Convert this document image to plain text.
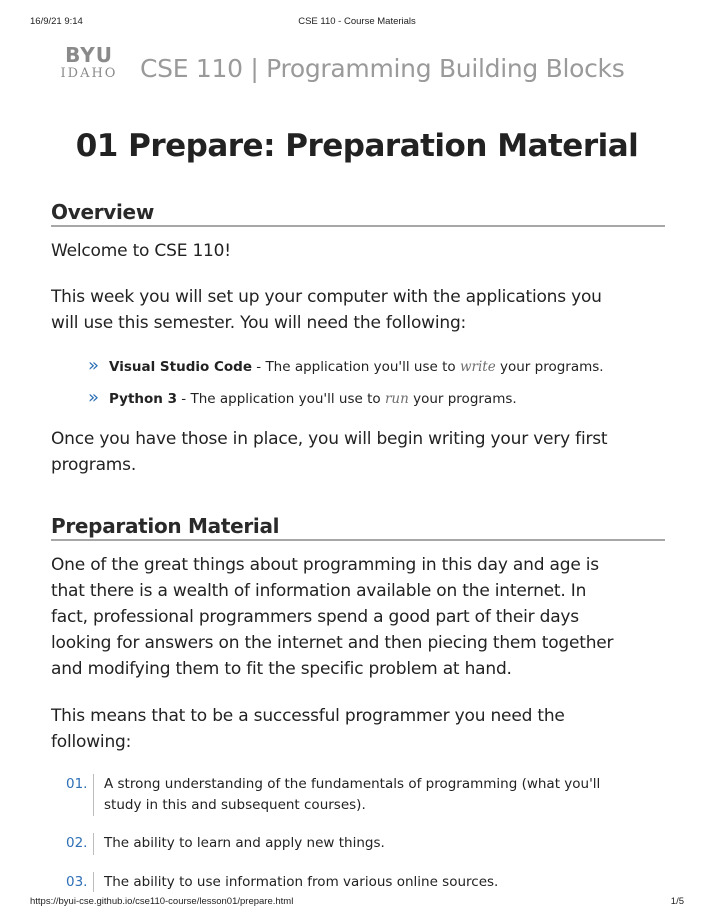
16/9/21 9:14	CSE 110 - Course Materials
BYU
IDAHO CSE 110 | Programming Building Blocks
01 Prepare: Preparation Material
Overview

Welcome to CSE 110!

This week you will set up your computer with the applications you
will use this semester. You will need the following:
» Visual Studio Code - The application you'll use to write your programs.
» Python 3 - The application you'll use to run your programs.
Once you have those in place, you will begin writing your very first
programs.
Preparation Material
One of the great things about programming in this day and age is
that there is a wealth of information available on the internet. In
fact, professional programmers spend a good part of their days
looking for answers on the internet and then piecing them together
and modifying them to fit the specific problem at hand.
This means that to be a successful programmer you need the
following:
01. A strong understanding of the fundamentals of programming (what you'll
study in this and subsequent courses).
02. The ability to learn and apply new things.
03. The ability to use information from various online sources.
https://byui-cse.github.io/cse110-course/lesson01/prepare.html	1/5
